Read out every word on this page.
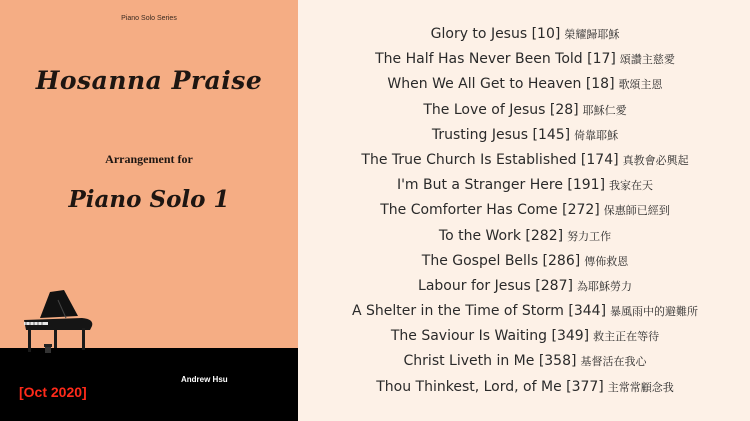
Piano Solo Series
Hosanna Praise
Arrangement for
Piano Solo 1
Andrew Hsu
[Oct 2020]
Glory to Jesus [10] 榮耀歸耶穌
The Half Has Never Been Told [17] 頌讚主慈愛
When We All Get to Heaven [18] 歌頌主恩
The Love of Jesus [28] 耶穌仁愛
Trusting Jesus [145] 倚靠耶穌
The True Church Is Established [174] 真教會必興起
I'm But a Stranger Here [191] 我家在天
The Comforter Has Come [272] 保惠師已經到
To the Work [282] 努力工作
The Gospel Bells [286] 傳佈救恩
Labour for Jesus [287] 為耶穌勞力
A Shelter in the Time of Storm [344] 暴風雨中的避難所
The Saviour Is Waiting [349] 救主正在等待
Christ Liveth in Me [358] 基督活在我心
Thou Thinkest, Lord, of Me [377] 主常常顧念我
